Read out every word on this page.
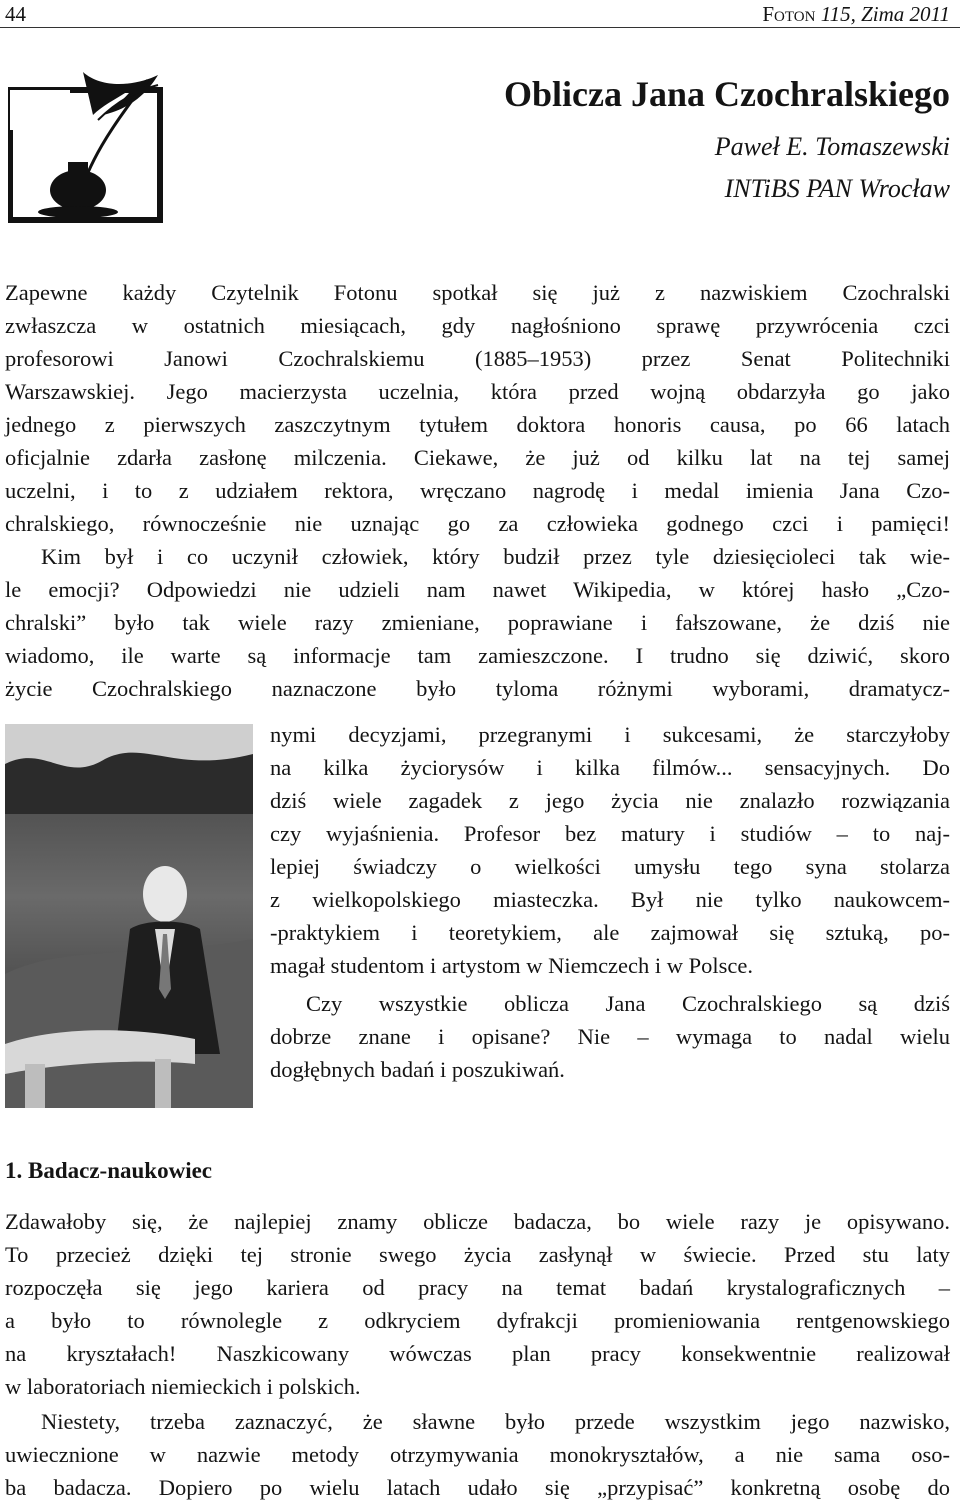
44	Foton 115, Zima 2011
Oblicza Jana Czochralskiego
Paweł E. Tomaszewski
INTiBS PAN Wrocław
Zapewne każdy Czytelnik Fotonu spotkał się już z nazwiskiem Czochralski
zwłaszcza w ostatnich miesiącach, gdy nagłośniono sprawę przywrócenia czci
profesorowi Janowi Czochralskiemu (1885–1953) przez Senat Politechniki
Warszawskiej. Jego macierzysta uczelnia, która przed wojną obdarzyła go jako
jednego z pierwszych zaszczytnym tytułem doktora honoris causa, po 66 latach
oficjalnie zdarła zasłonę milczenia. Ciekawe, że już od kilku lat na tej samej
uczelni, i to z udziałem rektora, wręczano nagrodę i medal imienia Jana Czo-
chralskiego, równocześnie nie uznając go za człowieka godnego czci i pamięci!
Kim był i co uczynił człowiek, który budził przez tyle dziesięcioleci tak wie-
le emocji? Odpowiedzi nie udzieli nam nawet Wikipedia, w której hasło „Czo-
chralski” było tak wiele razy zmieniane, poprawiane i fałszowane, że dziś nie
wiadomo, ile warte są informacje tam zamieszczone. I trudno się dziwić, skoro
życie Czochralskiego naznaczone było tyloma różnymi wyborami, dramatycz-
nymi decyzjami, przegranymi i sukcesami, że starczyłoby
na kilka życiorysów i kilka filmów... sensacyjnych. Do
dziś wiele zagadek z jego życia nie znalazło rozwiązania
czy wyjaśnienia. Profesor bez matury i studiów – to naj-
lepiej świadczy o wielkości umysłu tego syna stolarza
z wielkopolskiego miasteczka. Był nie tylko naukowcem-
-praktykiem i teoretykiem, ale zajmował się sztuką, po-
magał studentom i artystom w Niemczech i w Polsce.
Czy wszystkie oblicza Jana Czochralskiego są dziś
dobrze znane i opisane? Nie – wymaga to nadal wielu
dogłębnych badań i poszukiwań.
1. Badacz-naukowiec
Zdawałoby się, że najlepiej znamy oblicze badacza, bo wiele razy je opisywano.
To przecież dzięki tej stronie swego życia zasłynął w świecie. Przed stu laty
rozpoczęła się jego kariera od pracy na temat badań krystalograficznych –
a było to równolegle z odkryciem dyfrakcji promieniowania rentgenowskiego
na kryształach! Naszkicowany wówczas plan pracy konsekwentnie realizował
w laboratoriach niemieckich i polskich.
Niestety, trzeba zaznaczyć, że sławne było przede wszystkim jego nazwisko,
uwiecznione w nazwie metody otrzymywania monokryształów, a nie sama oso-
ba badacza. Dopiero po wielu latach udało się „przypisać” konkretną osobę do
